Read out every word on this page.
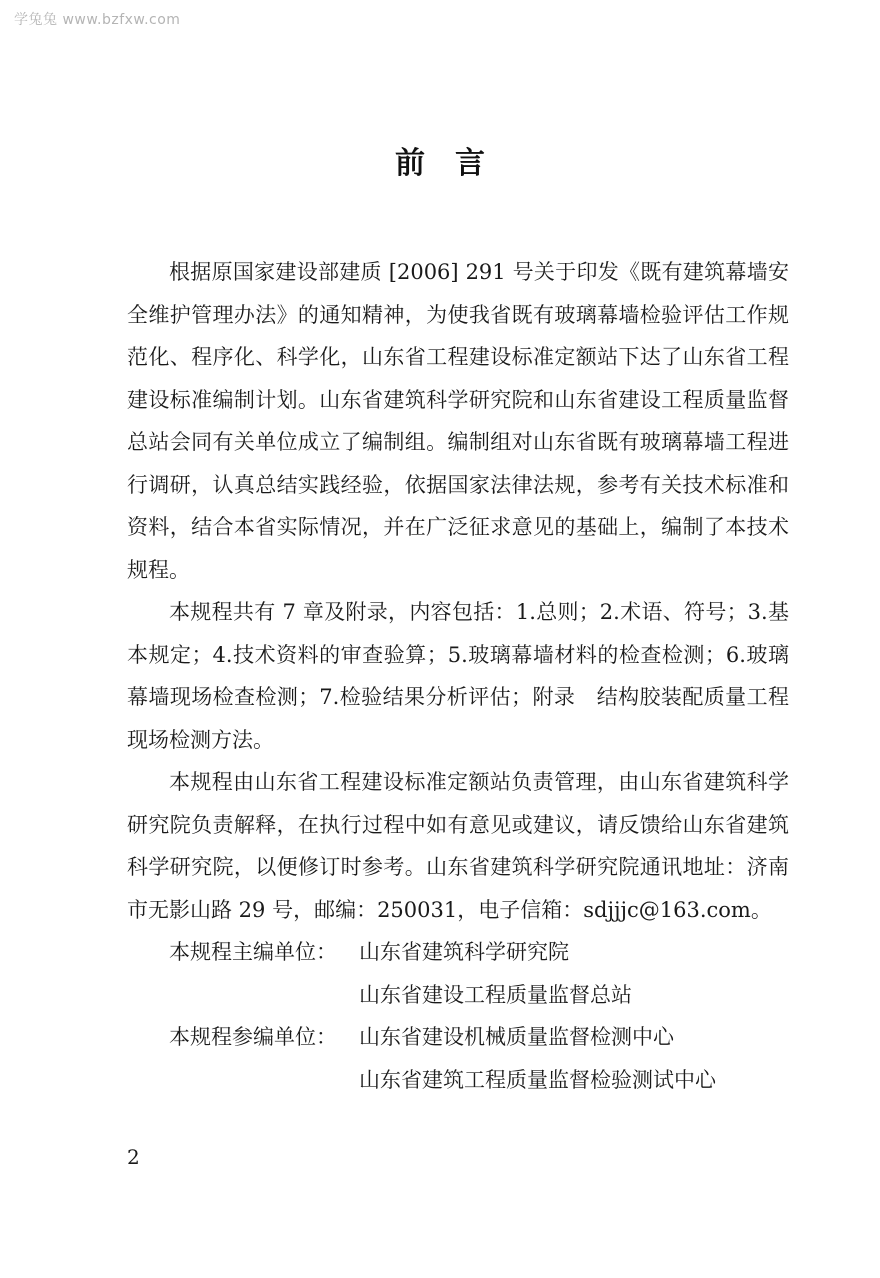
学兔兔 www.bzfxw.com
前言

根据原国家建设部建质 [2006] 291 号关于印发《既有建筑幕墙安全维护管理办法》的通知精神，为使我省既有玻璃幕墙检验评估工作规范化、程序化、科学化，山东省工程建设标准定额站下达了山东省工程建设标准编制计划。山东省建筑科学研究院和山东省建设工程质量监督总站会同有关单位成立了编制组。编制组对山东省既有玻璃幕墙工程进行调研，认真总结实践经验，依据国家法律法规，参考有关技术标准和资料，结合本省实际情况，并在广泛征求意见的基础上，编制了本技术规程。

本规程共有 7 章及附录，内容包括：1.总则；2.术语、符号；3.基本规定；4.技术资料的审查验算；5.玻璃幕墙材料的检查检测；6.玻璃幕墙现场检查检测；7.检验结果分析评估；附录　结构胶装配质量工程现场检测方法。

本规程由山东省工程建设标准定额站负责管理，由山东省建筑科学研究院负责解释，在执行过程中如有意见或建议，请反馈给山东省建筑科学研究院，以便修订时参考。山东省建筑科学研究院通讯地址：济南市无影山路 29 号，邮编：250031，电子信箱：sdjjjc@163.com。

本规程主编单位：	山东省建筑科学研究院
山东省建设工程质量监督总站
本规程参编单位：	山东省建设机械质量监督检测中心
山东省建筑工程质量监督检验测试中心
2
